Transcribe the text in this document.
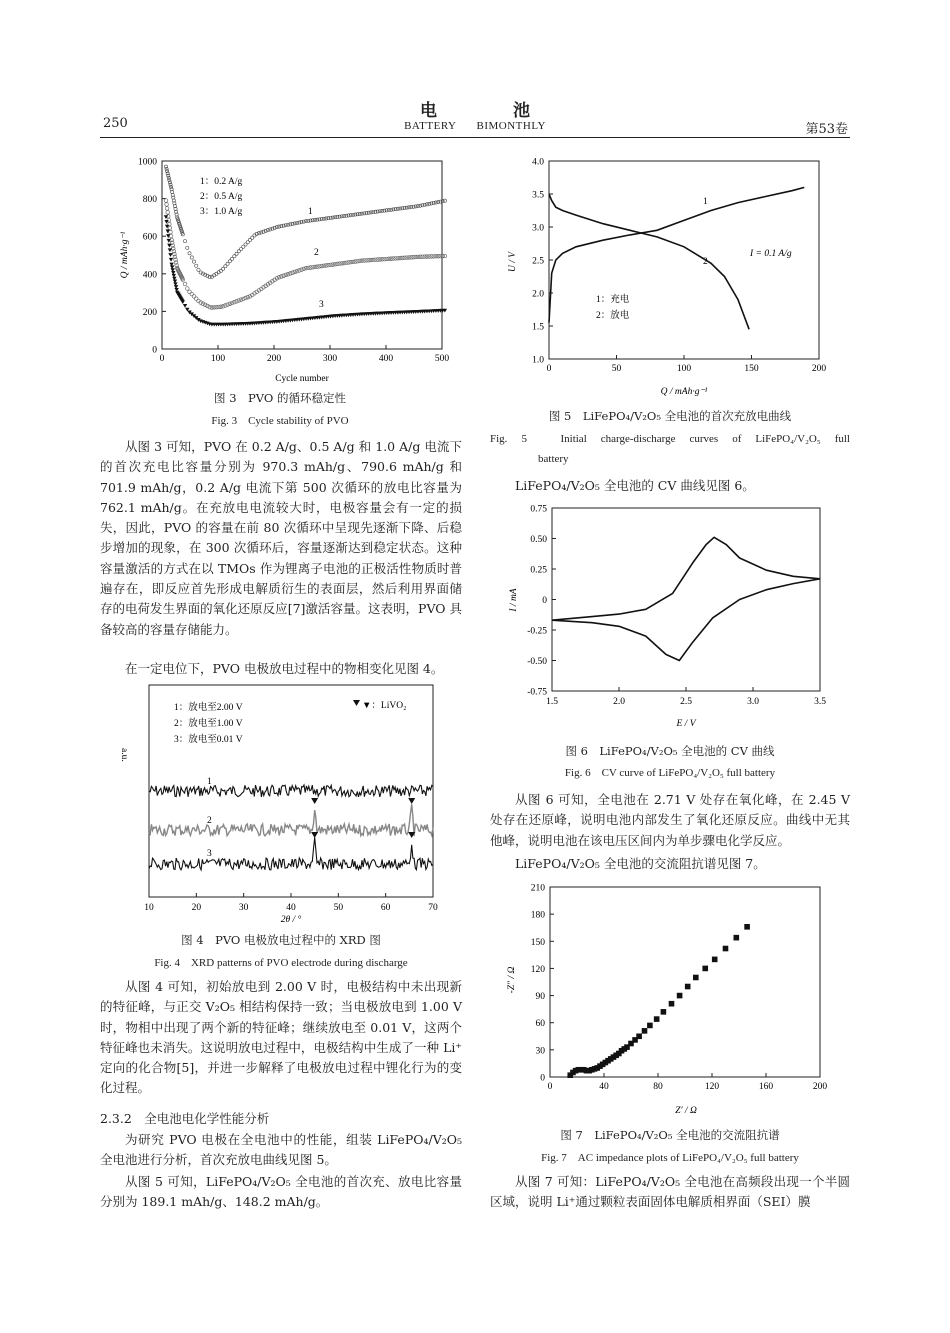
电	池
250	BATTERY BIMONTHLY	第53卷
0	100	200	300	400	500
0
200
400
600
800
1000
Cycle number
Q / mAh·g⁻¹
1：0.2 A/g
2：0.5 A/g
3：1.0 A/g	1
2
3
图 3　PVO 的循环稳定性
Fig. 3　Cycle stability of PVO
从图 3 可知，PVO 在 0.2 A/g、0.5 A/g 和 1.0 A/g 电流下的首次充电比容量分别为 970.3 mAh/g、790.6 mAh/g 和 701.9 mAh/g，0.2 A/g 电流下第 500 次循环的放电比容量为 762.1 mAh/g。在充放电电流较大时，电极容量会有一定的损失，因此，PVO 的容量在前 80 次循环中呈现先逐渐下降、后稳步增加的现象，在 300 次循环后，容量逐渐达到稳定状态。这种容量激活的方式在以 TMOs 作为锂离子电池的正极活性物质时普遍存在，即反应首先形成电解质衍生的表面层，然后利用界面储存的电荷发生界面的氧化还原反应[7]激活容量。这表明，PVO 具备较高的容量存储能力。
在一定电位下，PVO 电极放电过程中的物相变化见图 4。
10	20	30	40	50	60	70
a.u.
2θ / °
1：放电至2.00 V
2：放电至1.00 V
3：放电至0.01 V
▼：LiVO₂
1
2
3
图 4　PVO 电极放电过程中的 XRD 图
Fig. 4　XRD patterns of PVO electrode during discharge
从图 4 可知，初始放电到 2.00 V 时，电极结构中未出现新的特征峰，与正交 V₂O₅ 相结构保持一致；当电极放电到 1.00 V 时，物相中出现了两个新的特征峰；继续放电至 0.01 V，这两个特征峰也未消失。这说明放电过程中，电极结构中生成了一种 Li⁺定向的化合物[5]，并进一步解释了电极放电过程中锂化行为的变化过程。
2.3.2　全电池电化学性能分析
为研究 PVO 电极在全电池中的性能，组装 LiFePO₄/V₂O₅ 全电池进行分析，首次充放电曲线见图 5。
从图 5 可知，LiFePO₄/V₂O₅ 全电池的首次充、放电比容量分别为 189.1 mAh/g、148.2 mAh/g。
0	50	100	150	200
1.0
1.5
2.0
2.5
3.0
3.5
4.0
U / V
Q / mAh·g⁻¹
1：充电
2：放电
I = 0.1 A/g
1
2
图 5　LiFePO₄/V₂O₅ 全电池的首次充放电曲线
Fig. 5　Initial charge-discharge curves of LiFePO₄/V₂O₅ full
battery
LiFePO₄/V₂O₅ 全电池的 CV 曲线见图 6。
1.5	2.0	2.5	3.0	3.5
-0.75
-0.50
-0.25
0
0.25
0.50
0.75
I / mA
E / V
图 6　LiFePO₄/V₂O₅ 全电池的 CV 曲线
Fig. 6　CV curve of LiFePO₄/V₂O₅ full battery
从图 6 可知，全电池在 2.71 V 处存在氧化峰，在 2.45 V 处存在还原峰，说明电池内部发生了氧化还原反应。曲线中无其他峰，说明电池在该电压区间内为单步骤电化学反应。
LiFePO₄/V₂O₅ 全电池的交流阻抗谱见图 7。
0	40	80	120	160	200
0
30
60
90
120
150
180
210
-Z″ / Ω
Z′ / Ω
图 7　LiFePO₄/V₂O₅ 全电池的交流阻抗谱
Fig. 7　AC impedance plots of LiFePO₄/V₂O₅ full battery
从图 7 可知：LiFePO₄/V₂O₅ 全电池在高频段出现一个半圆区域，说明 Li⁺通过颗粒表面固体电解质相界面（SEI）膜
